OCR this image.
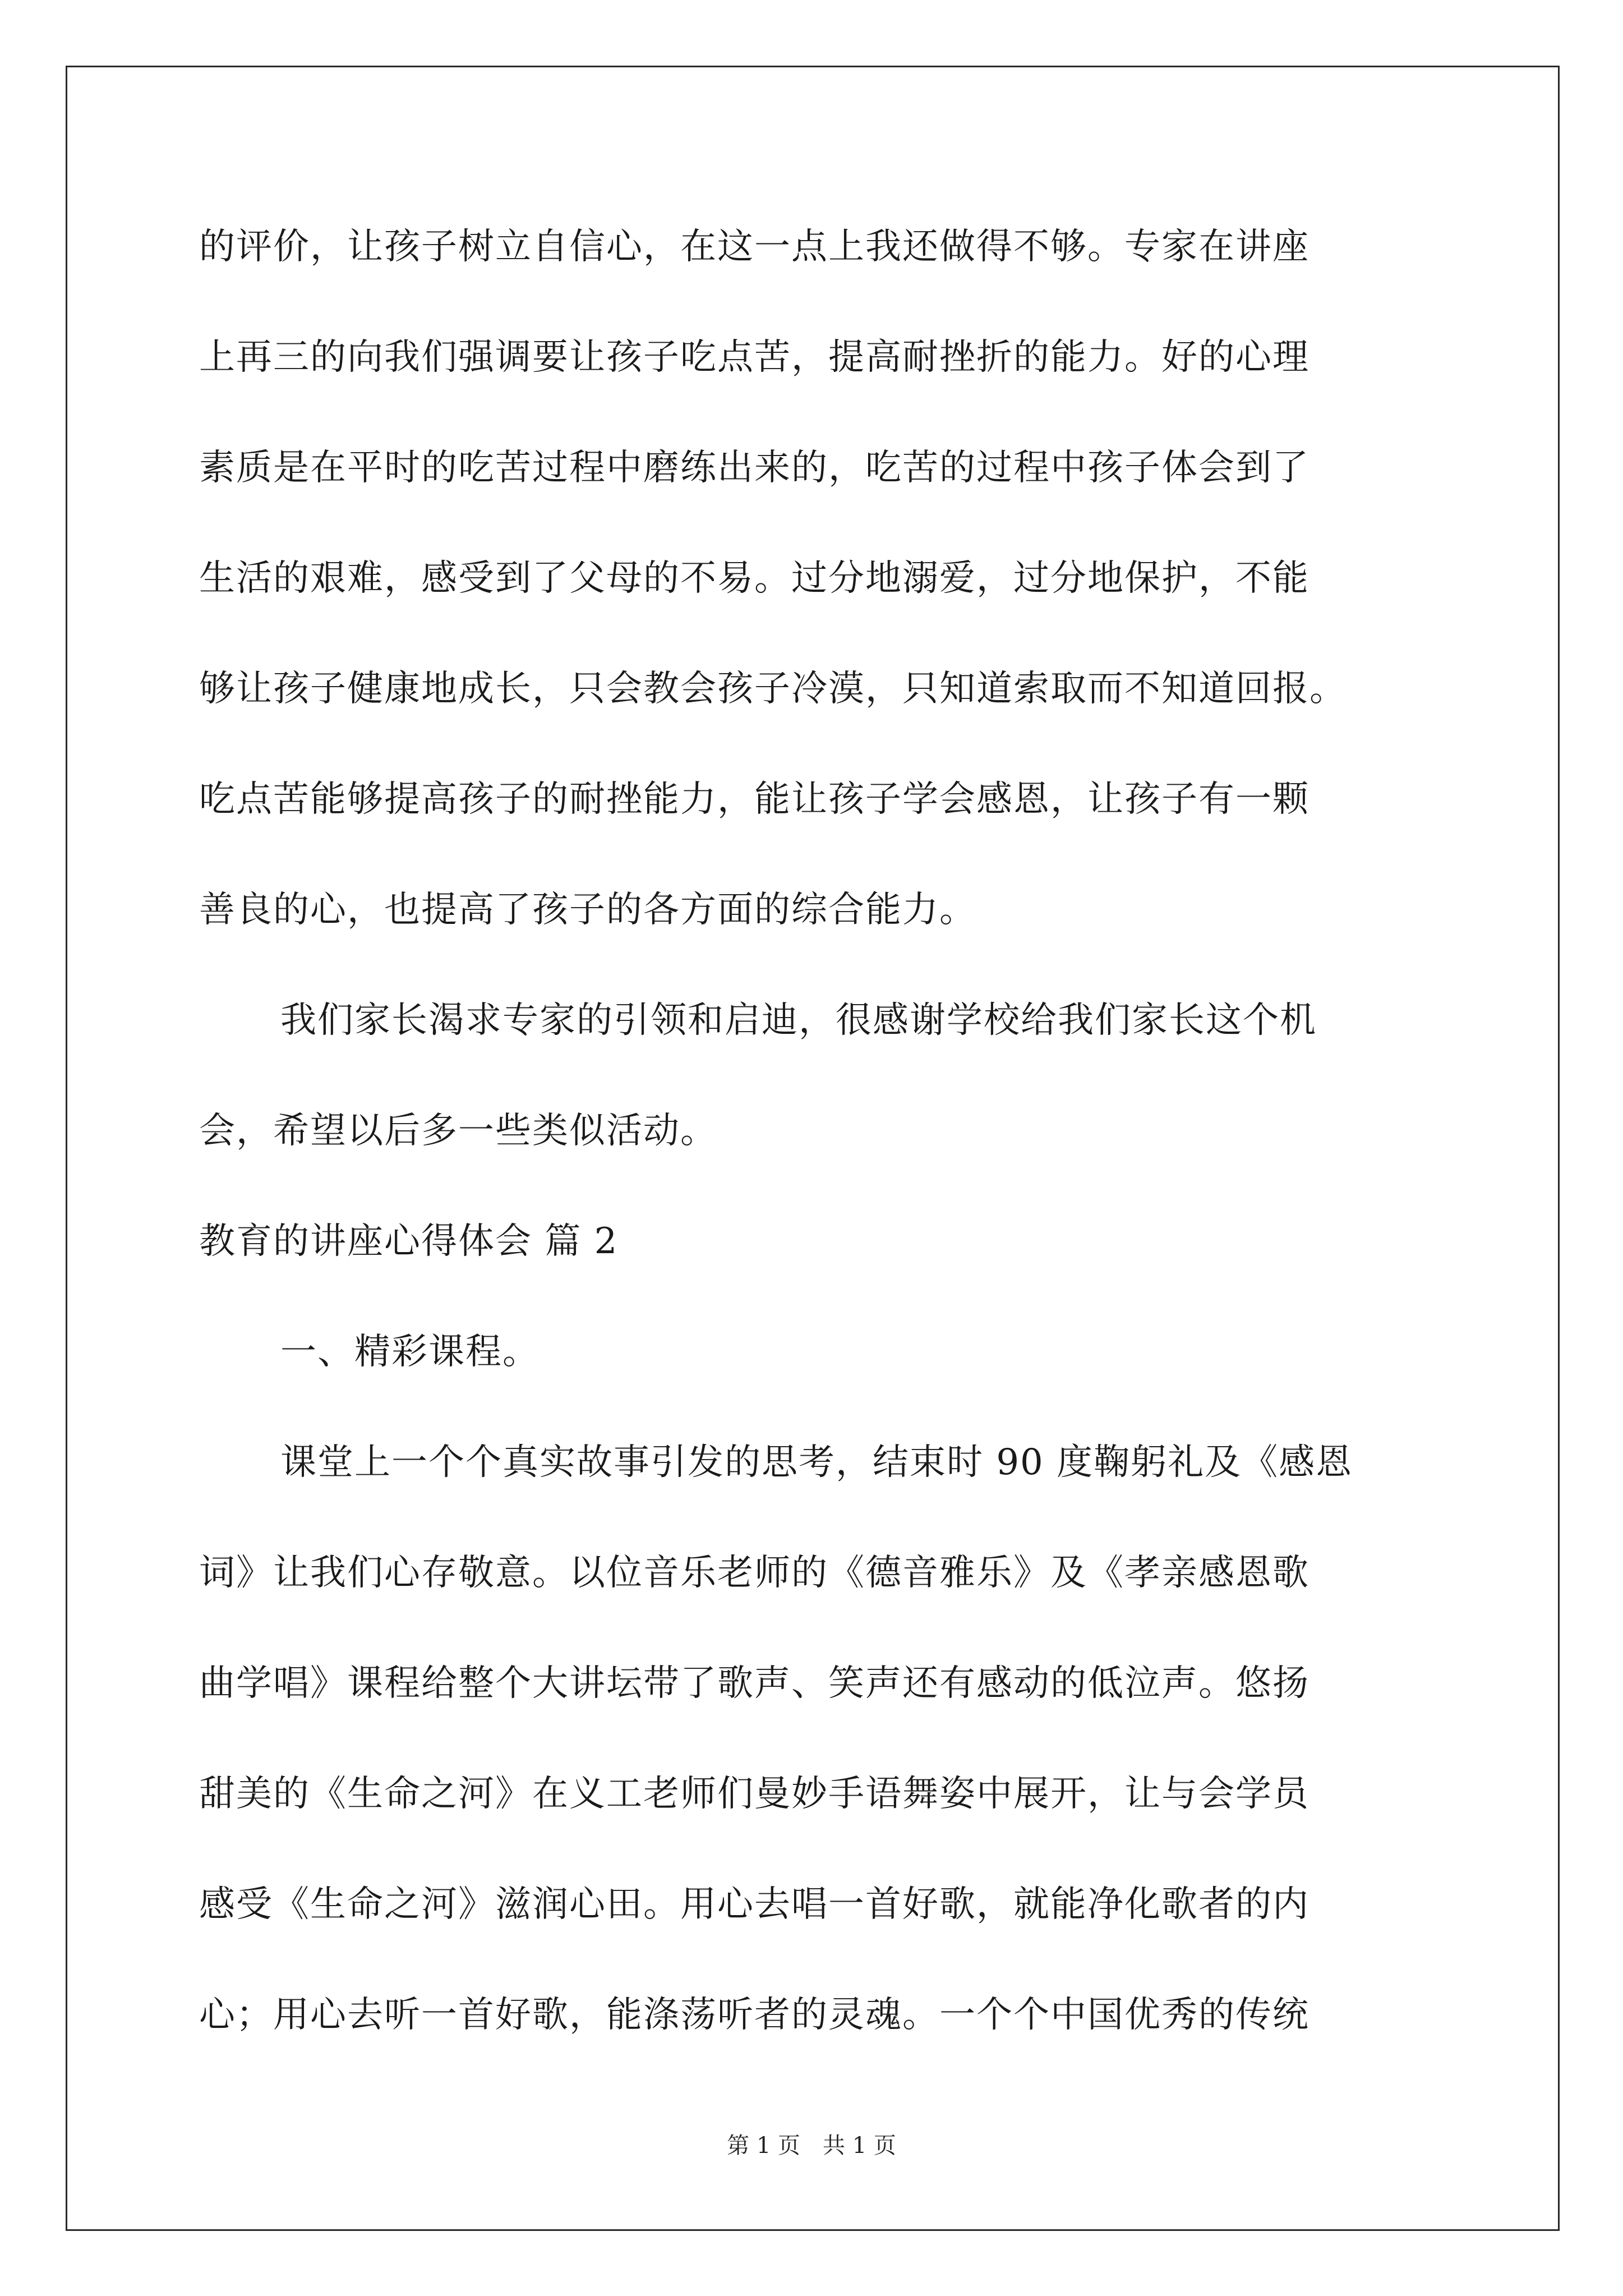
的评价，让孩子树立自信心，在这一点上我还做得不够。专家在讲座
上再三的向我们强调要让孩子吃点苦，提高耐挫折的能力。好的心理
素质是在平时的吃苦过程中磨练出来的，吃苦的过程中孩子体会到了
生活的艰难，感受到了父母的不易。过分地溺爱，过分地保护，不能
够让孩子健康地成长，只会教会孩子冷漠，只知道索取而不知道回报。
吃点苦能够提高孩子的耐挫能力，能让孩子学会感恩，让孩子有一颗
善良的心，也提高了孩子的各方面的综合能力。
我们家长渴求专家的引领和启迪，很感谢学校给我们家长这个机
会，希望以后多一些类似活动。
教育的讲座心得体会 篇 2
一、精彩课程。
课堂上一个个真实故事引发的思考，结束时 90 度鞠躬礼及《感恩
词》让我们心存敬意。以位音乐老师的《德音雅乐》及《孝亲感恩歌
曲学唱》课程给整个大讲坛带了歌声、笑声还有感动的低泣声。悠扬
甜美的《生命之河》在义工老师们曼妙手语舞姿中展开，让与会学员
感受《生命之河》滋润心田。用心去唱一首好歌，就能净化歌者的内
心；用心去听一首好歌，能涤荡听者的灵魂。一个个中国优秀的传统
第 1 页　共 1 页
